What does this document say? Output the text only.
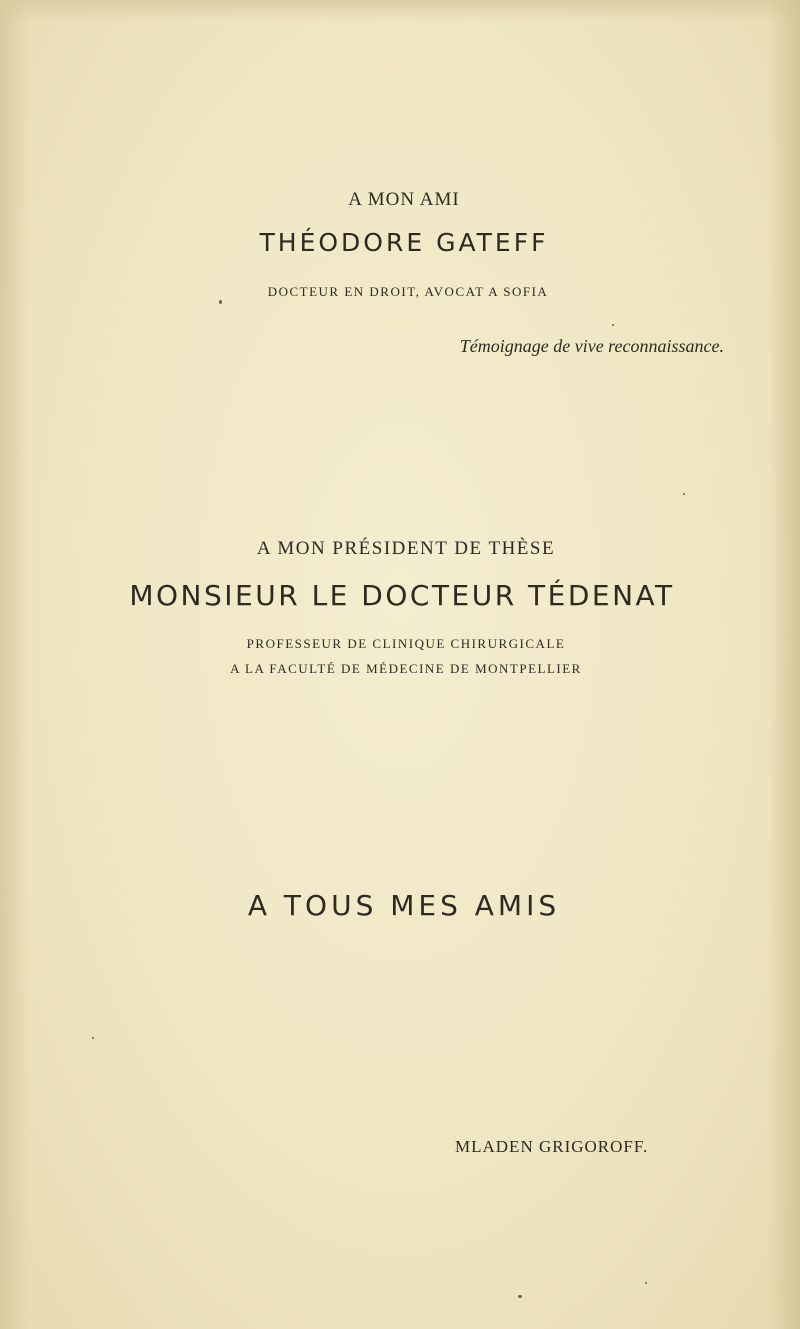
A MON AMI
THÉODORE GATEFF
DOCTEUR EN DROIT, AVOCAT A SOFIA
Témoignage de vive reconnaissance.
A MON PRÉSIDENT DE THÈSE
MONSIEUR LE DOCTEUR TÉDENAT
PROFESSEUR DE CLINIQUE CHIRURGICALE
A LA FACULTÉ DE MÉDECINE DE MONTPELLIER
A TOUS MES AMIS
MLADEN GRIGOROFF.
